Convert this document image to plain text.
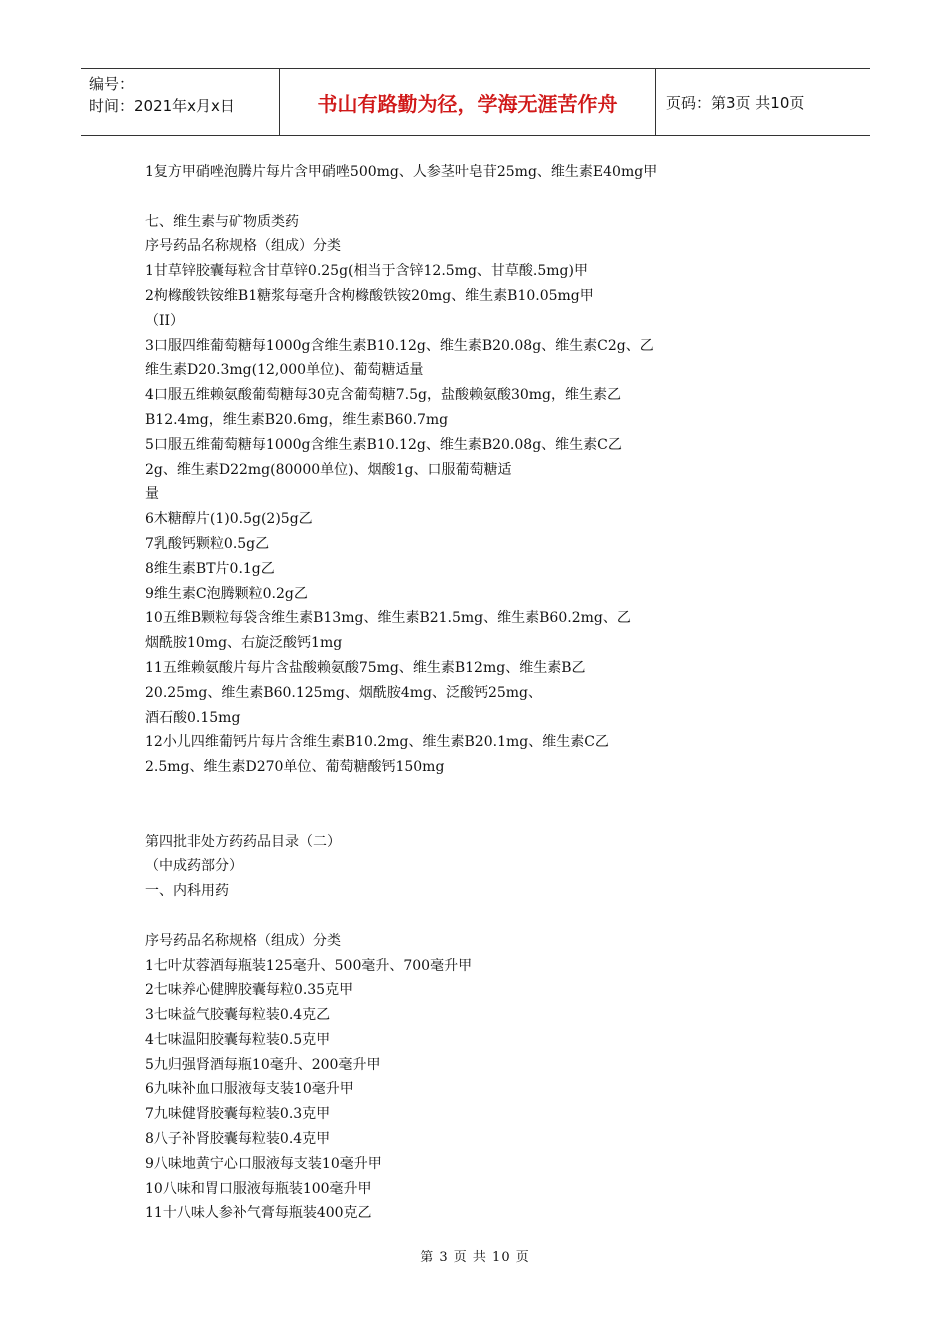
编号：
时间：2021年x月x日	书山有路勤为径，学海无涯苦作舟	页码：第3页 共10页
1复方甲硝唑泡腾片每片含甲硝唑500mg、人参茎叶皂苷25mg、维生素E40mg甲
七、维生素与矿物质类药
序号药品名称规格（组成）分类
1甘草锌胶囊每粒含甘草锌0.25g(相当于含锌12.5mg、甘草酸.5mg)甲
2枸橼酸铁铵维B1糖浆每毫升含枸橼酸铁铵20mg、维生素B10.05mg甲
（II）
3口服四维葡萄糖每1000g含维生素B10.12g、维生素B20.08g、维生素C2g、乙
维生素D20.3mg(12,000单位)、葡萄糖适量
4口服五维赖氨酸葡萄糖每30克含葡萄糖7.5g，盐酸赖氨酸30mg，维生素乙
B12.4mg，维生素B20.6mg，维生素B60.7mg
5口服五维葡萄糖每1000g含维生素B10.12g、维生素B20.08g、维生素C乙
2g、维生素D22mg(80000单位)、烟酸1g、口服葡萄糖适
量
6木糖醇片(1)0.5g(2)5g乙
7乳酸钙颗粒0.5g乙
8维生素BT片0.1g乙
9维生素C泡腾颗粒0.2g乙
10五维B颗粒每袋含维生素B13mg、维生素B21.5mg、维生素B60.2mg、乙
烟酰胺10mg、右旋泛酸钙1mg
11五维赖氨酸片每片含盐酸赖氨酸75mg、维生素B12mg、维生素B乙
20.25mg、维生素B60.125mg、烟酰胺4mg、泛酸钙25mg、
酒石酸0.15mg
12小儿四维葡钙片每片含维生素B10.2mg、维生素B20.1mg、维生素C乙
2.5mg、维生素D270单位、葡萄糖酸钙150mg
第四批非处方药药品目录（二）
（中成药部分）
一、内科用药
序号药品名称规格（组成）分类
1七叶苁蓉酒每瓶装125毫升、500毫升、700毫升甲
2七味养心健脾胶囊每粒0.35克甲
3七味益气胶囊每粒装0.4克乙
4七味温阳胶囊每粒装0.5克甲
5九归强肾酒每瓶10毫升、200毫升甲
6九味补血口服液每支装10毫升甲
7九味健肾胶囊每粒装0.3克甲
8八子补肾胶囊每粒装0.4克甲
9八味地黄宁心口服液每支装10毫升甲
10八味和胃口服液每瓶装100毫升甲
11十八味人参补气膏每瓶装400克乙
第 3 页 共 10 页
